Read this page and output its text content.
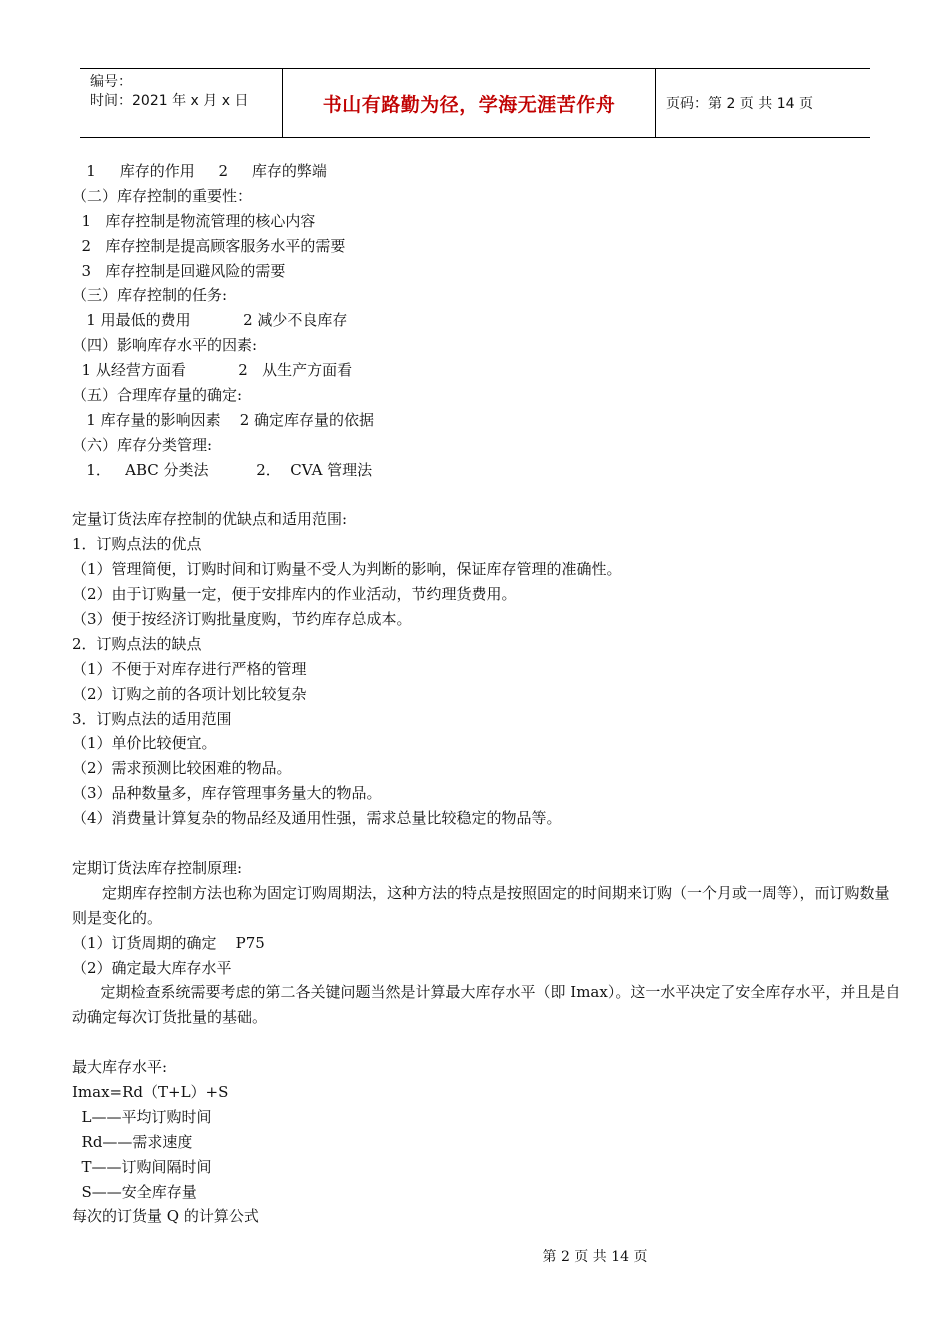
编号：
时间：2021 年 x 月 x 日	书山有路勤为径，学海无涯苦作舟	页码：第 2 页 共 14 页
1     库存的作用     2     库存的弊端
（二）库存控制的重要性：
1   库存控制是物流管理的核心内容
2   库存控制是提高顾客服务水平的需要
3   库存控制是回避风险的需要
（三）库存控制的任务:
1 用最低的费用           2 减少不良库存
（四）影响库存水平的因素:
1 从经营方面看           2   从生产方面看
（五）合理库存量的确定:
1 库存量的影响因素    2 确定库存量的依据
（六）库存分类管理:
1．   ABC 分类法          2．  CVA 管理法
定量订货法库存控制的优缺点和适用范围:
1．订购点法的优点
（1）管理简便，订购时间和订购量不受人为判断的影响，保证库存管理的准确性。
（2）由于订购量一定，便于安排库内的作业活动，节约理货费用。
（3）便于按经济订购批量度购，节约库存总成本。
2．订购点法的缺点
（1）不便于对库存进行严格的管理
（2）订购之前的各项计划比较复杂
3．订购点法的适用范围
（1）单价比较便宜。
（2）需求预测比较困难的物品。
（3）品种数量多，库存管理事务量大的物品。
（4）消费量计算复杂的物品经及通用性强，需求总量比较稳定的物品等。
定期订货法库存控制原理:
定期库存控制方法也称为固定订购周期法，这种方法的特点是按照固定的时间期来订购（一个月或一周等），而订购数量则是变化的。
（1）订货周期的确定    P75
（2）确定最大库存水平
定期检查系统需要考虑的第二各关键问题当然是计算最大库存水平（即 Imax）。这一水平决定了安全库存水平，并且是自动确定每次订货批量的基础。
最大库存水平:
Imax=Rd（T+L）+S
L——平均订购时间
Rd——需求速度
T——订购间隔时间
S——安全库存量
每次的订货量 Q 的计算公式
第 2 页 共 14 页
